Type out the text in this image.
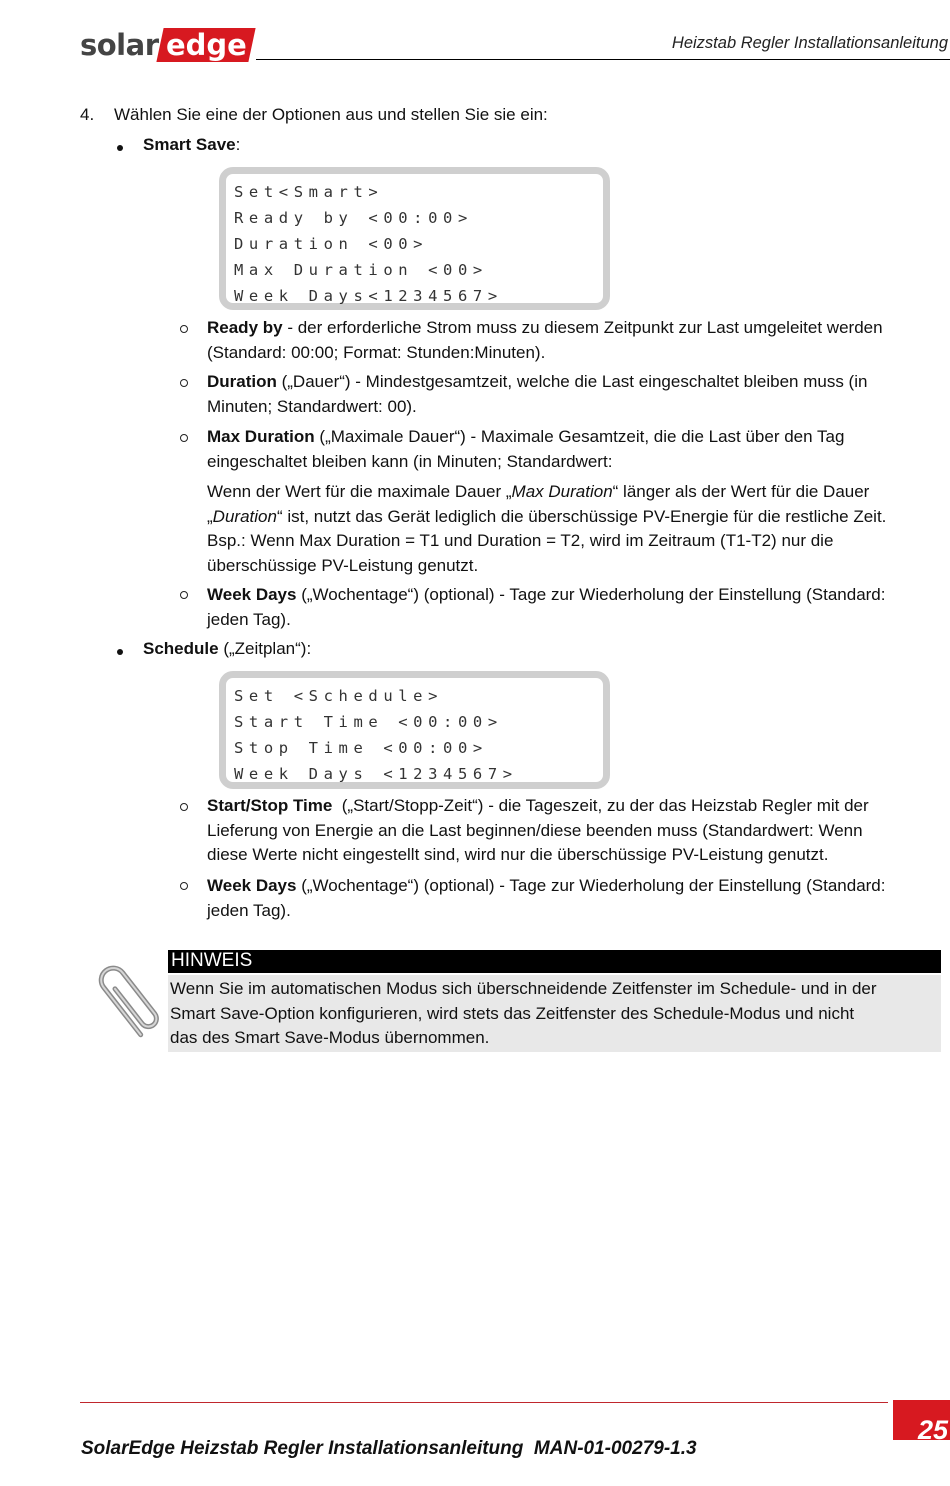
solar edge	Heizstab Regler Installationsanleitung
4. Wählen Sie eine der Optionen aus und stellen Sie sie ein:
Smart Save:
Set<Smart>
Ready by <00:00>
Duration <00>
Max Duration <00>
Week Days<1234567>
Ready by - der erforderliche Strom muss zu diesem Zeitpunkt zur Last umgeleitet werden
(Standard: 00:00; Format: Stunden:Minuten).
Duration („Dauer“) - Mindestgesamtzeit, welche die Last eingeschaltet bleiben muss (in
Minuten; Standardwert: 00).
Max Duration („Maximale Dauer“) - Maximale Gesamtzeit, die die Last über den Tag
eingeschaltet bleiben kann (in Minuten; Standardwert:
Wenn der Wert für die maximale Dauer „Max Duration“ länger als der Wert für die Dauer
„Duration“ ist, nutzt das Gerät lediglich die überschüssige PV-Energie für die restliche Zeit.
Bsp.: Wenn Max Duration = T1 und Duration = T2, wird im Zeitraum (T1-T2) nur die
überschüssige PV-Leistung genutzt.
Week Days („Wochentage“) (optional) - Tage zur Wiederholung der Einstellung (Standard:
jeden Tag).
Schedule („Zeitplan“):
Set <Schedule>
Start Time <00:00>
Stop Time <00:00>
Week Days <1234567>
Start/Stop Time  („Start/Stopp-Zeit“) - die Tageszeit, zu der das Heizstab Regler mit der
Lieferung von Energie an die Last beginnen/diese beenden muss (Standardwert: Wenn
diese Werte nicht eingestellt sind, wird nur die überschüssige PV-Leistung genutzt.
Week Days („Wochentage“) (optional) - Tage zur Wiederholung der Einstellung (Standard:
jeden Tag).
HINWEIS
Wenn Sie im automatischen Modus sich überschneidende Zeitfenster im Schedule- und in der
Smart Save-Option konfigurieren, wird stets das Zeitfenster des Schedule-Modus und nicht
das des Smart Save-Modus übernommen.
SolarEdge Heizstab Regler Installationsanleitung  MAN-01-00279-1.3
25
